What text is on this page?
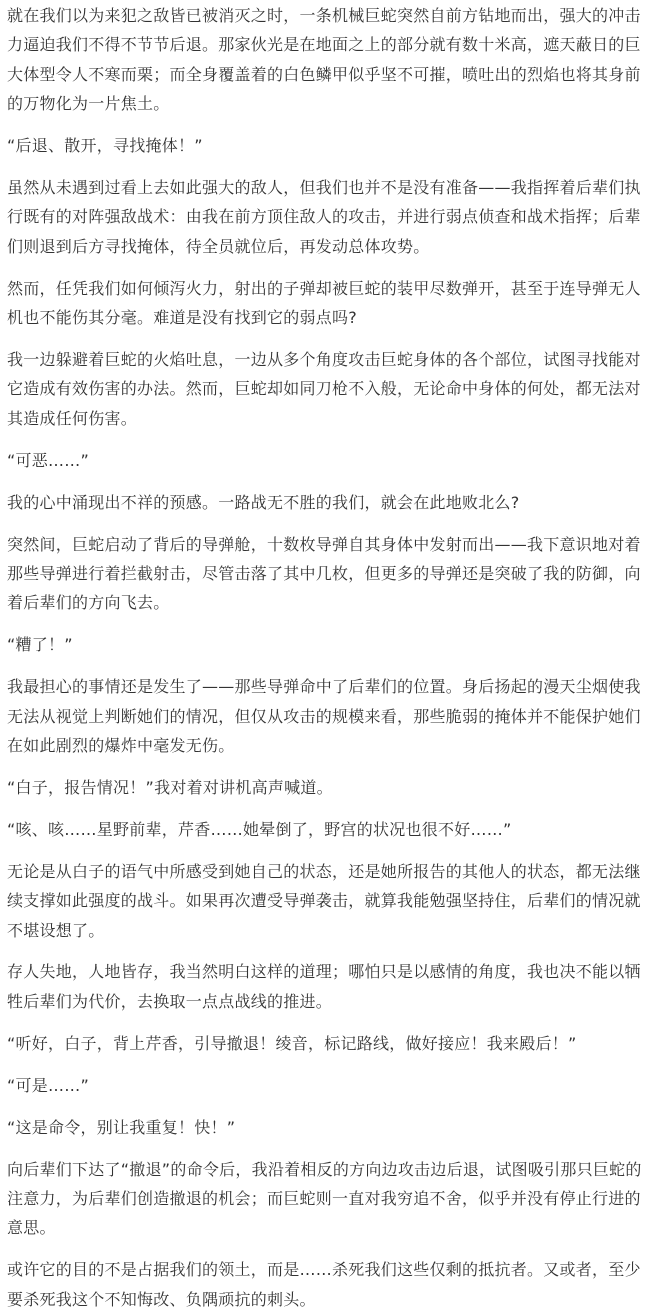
就在我们以为来犯之敌皆已被消灭之时，一条机械巨蛇突然自前方钻地而出，强大的冲击力逼迫我们不得不节节后退。那家伙光是在地面之上的部分就有数十米高，遮天蔽日的巨大体型令人不寒而栗；而全身覆盖着的白色鳞甲似乎坚不可摧，喷吐出的烈焰也将其身前的万物化为一片焦土。

“后退、散开，寻找掩体！”

虽然从未遇到过看上去如此强大的敌人，但我们也并不是没有准备——我指挥着后辈们执行既有的对阵强敌战术：由我在前方顶住敌人的攻击，并进行弱点侦查和战术指挥；后辈们则退到后方寻找掩体，待全员就位后，再发动总体攻势。

然而，任凭我们如何倾泻火力，射出的子弹却被巨蛇的装甲尽数弹开，甚至于连导弹无人机也不能伤其分毫。难道是没有找到它的弱点吗?

我一边躲避着巨蛇的火焰吐息，一边从多个角度攻击巨蛇身体的各个部位，试图寻找能对它造成有效伤害的办法。然而，巨蛇却如同刀枪不入般，无论命中身体的何处，都无法对其造成任何伤害。

“可恶……”

我的心中涌现出不祥的预感。一路战无不胜的我们，就会在此地败北么?

突然间，巨蛇启动了背后的导弹舱，十数枚导弹自其身体中发射而出——我下意识地对着那些导弹进行着拦截射击，尽管击落了其中几枚，但更多的导弹还是突破了我的防御，向着后辈们的方向飞去。

“糟了！”

我最担心的事情还是发生了——那些导弹命中了后辈们的位置。身后扬起的漫天尘烟使我无法从视觉上判断她们的情况，但仅从攻击的规模来看，那些脆弱的掩体并不能保护她们在如此剧烈的爆炸中毫发无伤。

“白子，报告情况！”我对着对讲机高声喊道。

“咳、咳……星野前辈，芹香……她晕倒了，野宫的状况也很不好……”

无论是从白子的语气中所感受到她自己的状态，还是她所报告的其他人的状态，都无法继续支撑如此强度的战斗。如果再次遭受导弹袭击，就算我能勉强坚持住，后辈们的情况就不堪设想了。

存人失地，人地皆存，我当然明白这样的道理；哪怕只是以感情的角度，我也决不能以牺牲后辈们为代价，去换取一点点战线的推进。

“听好，白子，背上芹香，引导撤退！绫音，标记路线，做好接应！我来殿后！”

“可是……”

“这是命令，别让我重复！快！”

向后辈们下达了“撤退”的命令后，我沿着相反的方向边攻击边后退，试图吸引那只巨蛇的注意力，为后辈们创造撤退的机会；而巨蛇则一直对我穷追不舍，似乎并没有停止行进的意思。

或许它的目的不是占据我们的领土，而是……杀死我们这些仅剩的抵抗者。又或者，至少要杀死我这个不知悔改、负隅顽抗的刺头。
